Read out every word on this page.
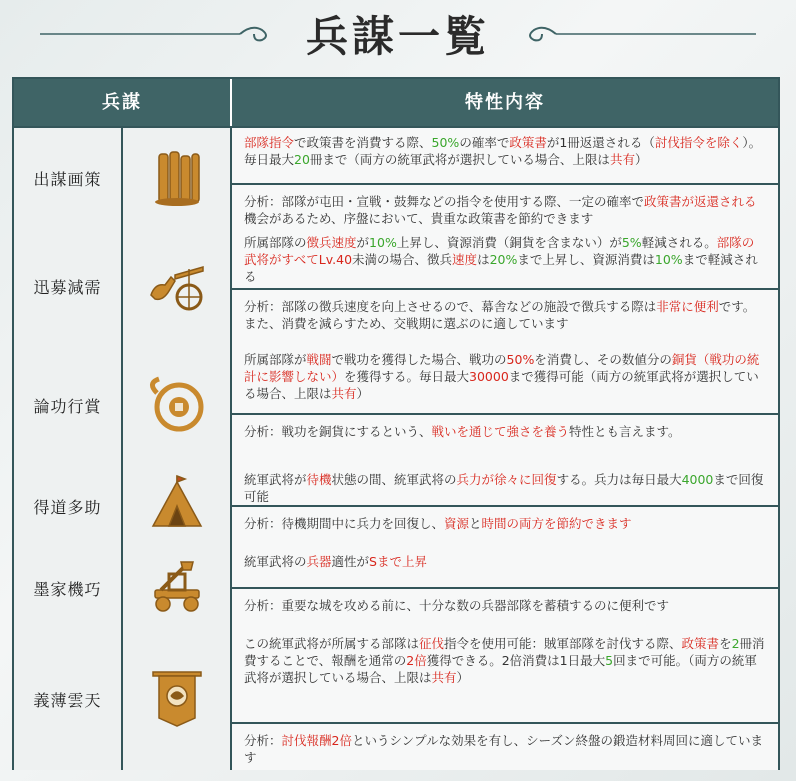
兵謀一覧
兵謀	特性内容
出謀画策
部隊指令で政策書を消費する際、50%の確率で政策書が1冊返還される（討伐指令を除く）。毎日最大20冊まで（両方の統軍武将が選択している場合、上限は共有）
分析：部隊が屯田・宣戦・鼓舞などの指令を使用する際、一定の確率で政策書が返還される機会があるため、序盤において、貴重な政策書を節約できます
迅募減需
所属部隊の徴兵速度が10%上昇し、資源消費（銅貨を含まない）が5%軽減される。部隊の武将がすべてLv.40未満の場合、徴兵速度は20%まで上昇し、資源消費は10%まで軽減される
分析：部隊の徴兵速度を向上させるので、幕舎などの施設で徴兵する際は非常に便利です。また、消費を減らすため、交戦期に選ぶのに適しています
論功行賞
所属部隊が戦闘で戦功を獲得した場合、戦功の50%を消費し、その数値分の銅貨（戦功の統計に影響しない）を獲得する。毎日最大30000まで獲得可能（両方の統軍武将が選択している場合、上限は共有）
分析：戦功を銅貨にするという、戦いを通じて強さを養う特性とも言えます。
得道多助
統軍武将が待機状態の間、統軍武将の兵力が徐々に回復する。兵力は毎日最大4000まで回復可能
分析：待機期間中に兵力を回復し、資源と時間の両方を節約できます
墨家機巧
統軍武将の兵器適性がSまで上昇
分析：重要な城を攻める前に、十分な数の兵器部隊を蓄積するのに便利です
義薄雲天
この統軍武将が所属する部隊は征伐指令を使用可能：賊軍部隊を討伐する際、政策書を2冊消費することで、報酬を通常の2倍獲得できる。2倍消費は1日最大5回まで可能。（両方の統軍武将が選択している場合、上限は共有）
分析：討伐報酬2倍というシンプルな効果を有し、シーズン終盤の鍛造材料周回に適しています
